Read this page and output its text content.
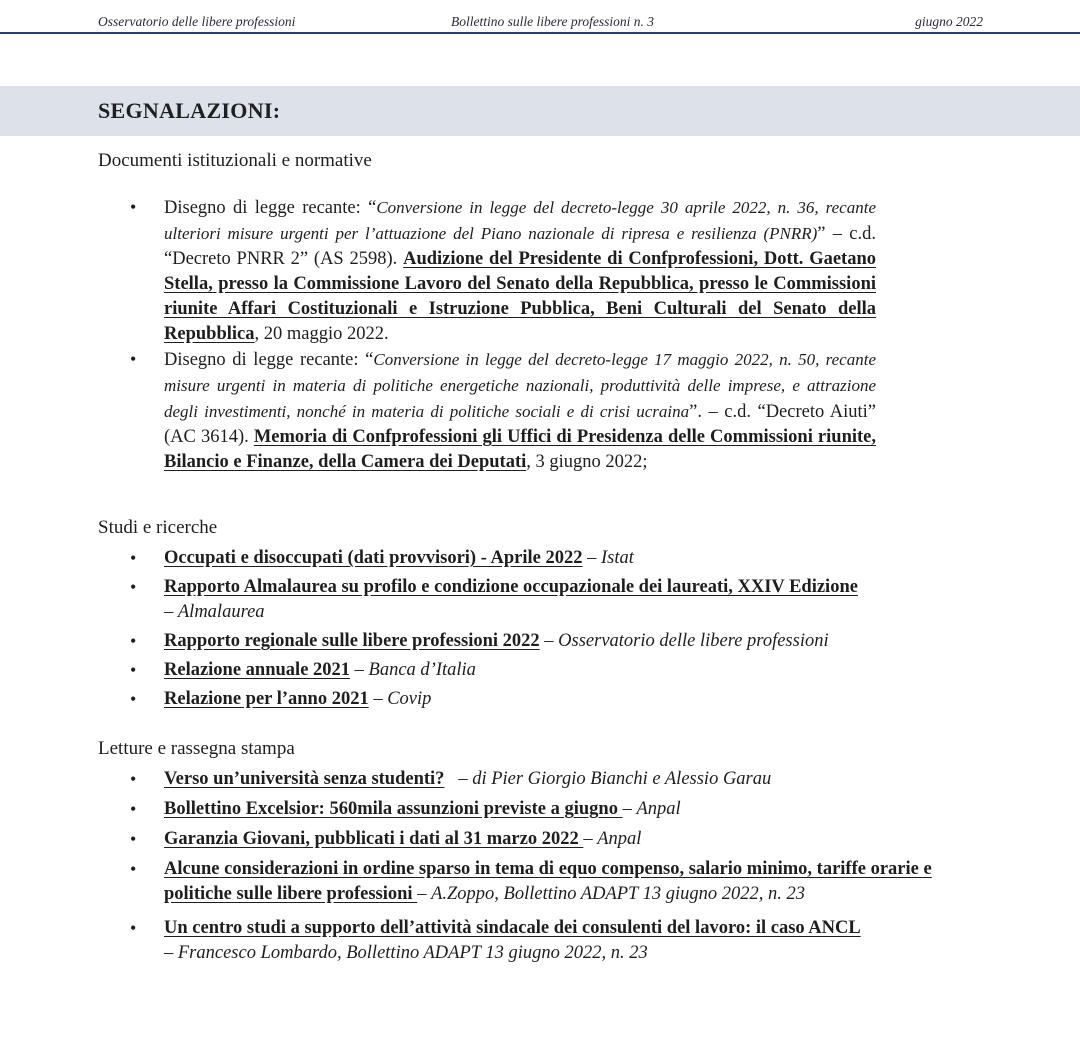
Osservatorio delle libere professioni	Bollettino sulle libere professioni n. 3	giugno 2022
SEGNALAZIONI:
Documenti istituzionali e normative
• Disegno di legge recante: “Conversione in legge del decreto-legge 30 aprile 2022, n. 36, recante ulteriori misure urgenti per l’attuazione del Piano nazionale di ripresa e resilienza (PNRR)” – c.d. “Decreto PNRR 2” (AS 2598). Audizione del Presidente di Confprofessioni, Dott. Gaetano Stella, presso la Commissione Lavoro del Senato della Repubblica, presso le Commissioni riunite Affari Costituzionali e Istruzione Pubblica, Beni Culturali del Senato della Repubblica, 20 maggio 2022.
• Disegno di legge recante: “Conversione in legge del decreto-legge 17 maggio 2022, n. 50, recante misure urgenti in materia di politiche energetiche nazionali, produttività delle imprese, e attrazione degli investimenti, nonché in materia di politiche sociali e di crisi ucraina”. – c.d. “Decreto Aiuti” (AC 3614). Memoria di Confprofessioni gli Uffici di Presidenza delle Commissioni riunite, Bilancio e Finanze, della Camera dei Deputati, 3 giugno 2022;
Studi e ricerche
• Occupati e disoccupati (dati provvisori) - Aprile 2022 – Istat
• Rapporto Almalaurea su profilo e condizione occupazionale dei laureati, XXIV Edizione
– Almalaurea
• Rapporto regionale sulle libere professioni 2022 – Osservatorio delle libere professioni
• Relazione annuale 2021 – Banca d’Italia
• Relazione per l’anno 2021 – Covip
Letture e rassegna stampa
• Verso un’università senza studenti?   – di Pier Giorgio Bianchi e Alessio Garau
• Bollettino Excelsior: 560mila assunzioni previste a giugno – Anpal
• Garanzia Giovani, pubblicati i dati al 31 marzo 2022 – Anpal
• Alcune considerazioni in ordine sparso in tema di equo compenso, salario minimo, tariffe orarie e politiche sulle libere professioni – A.Zoppo, Bollettino ADAPT 13 giugno 2022, n. 23
• Un centro studi a supporto dell’attività sindacale dei consulenti del lavoro: il caso ANCL
– Francesco Lombardo, Bollettino ADAPT 13 giugno 2022, n. 23
